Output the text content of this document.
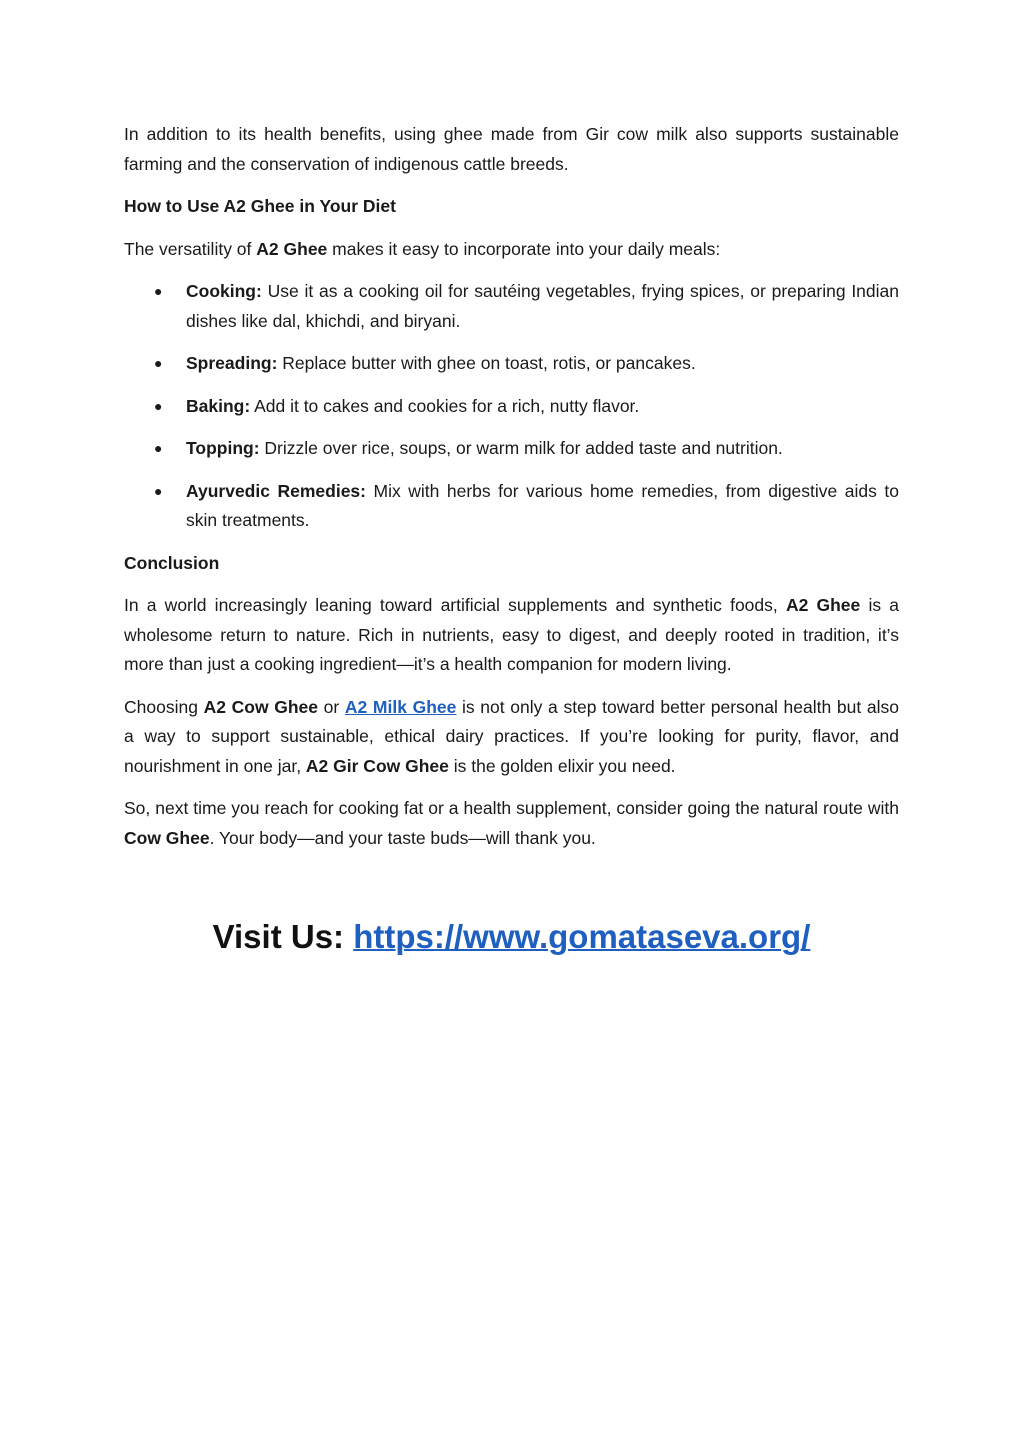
In addition to its health benefits, using ghee made from Gir cow milk also supports sustainable farming and the conservation of indigenous cattle breeds.

How to Use A2 Ghee in Your Diet

The versatility of A2 Ghee makes it easy to incorporate into your daily meals:

● Cooking: Use it as a cooking oil for sautéing vegetables, frying spices, or preparing Indian dishes like dal, khichdi, and biryani.
● Spreading: Replace butter with ghee on toast, rotis, or pancakes.
● Baking: Add it to cakes and cookies for a rich, nutty flavor.
● Topping: Drizzle over rice, soups, or warm milk for added taste and nutrition.
● Ayurvedic Remedies: Mix with herbs for various home remedies, from digestive aids to skin treatments.

Conclusion

In a world increasingly leaning toward artificial supplements and synthetic foods, A2 Ghee is a wholesome return to nature. Rich in nutrients, easy to digest, and deeply rooted in tradition, it’s more than just a cooking ingredient—it’s a health companion for modern living.

Choosing A2 Cow Ghee or A2 Milk Ghee is not only a step toward better personal health but also a way to support sustainable, ethical dairy practices. If you’re looking for purity, flavor, and nourishment in one jar, A2 Gir Cow Ghee is the golden elixir you need.

So, next time you reach for cooking fat or a health supplement, consider going the natural route with Cow Ghee. Your body—and your taste buds—will thank you.

Visit Us: https://www.gomataseva.org/
